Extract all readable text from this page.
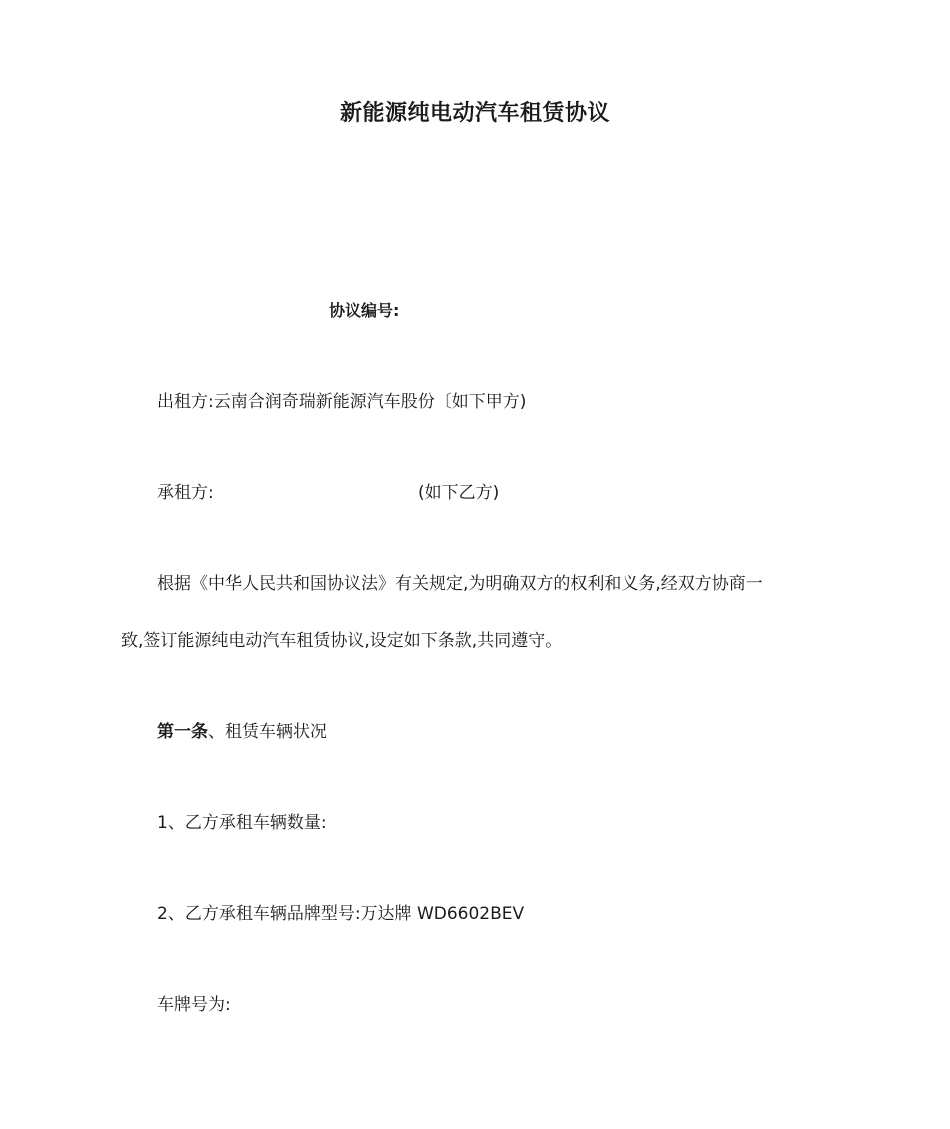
新能源纯电动汽车租赁协议

协议编号:

出租方:云南合润奇瑞新能源汽车股份〔如下甲方)

承租方:	(如下乙方)

根据《中华人民共和国协议法》有关规定,为明确双方的权利和义务,经双方协商一

致,签订能源纯电动汽车租赁协议,设定如下条款,共同遵守。

第一条、租赁车辆状况

1、乙方承租车辆数量:

2、乙方承租车辆品牌型号:万达牌 WD6602BEV

车牌号为:
